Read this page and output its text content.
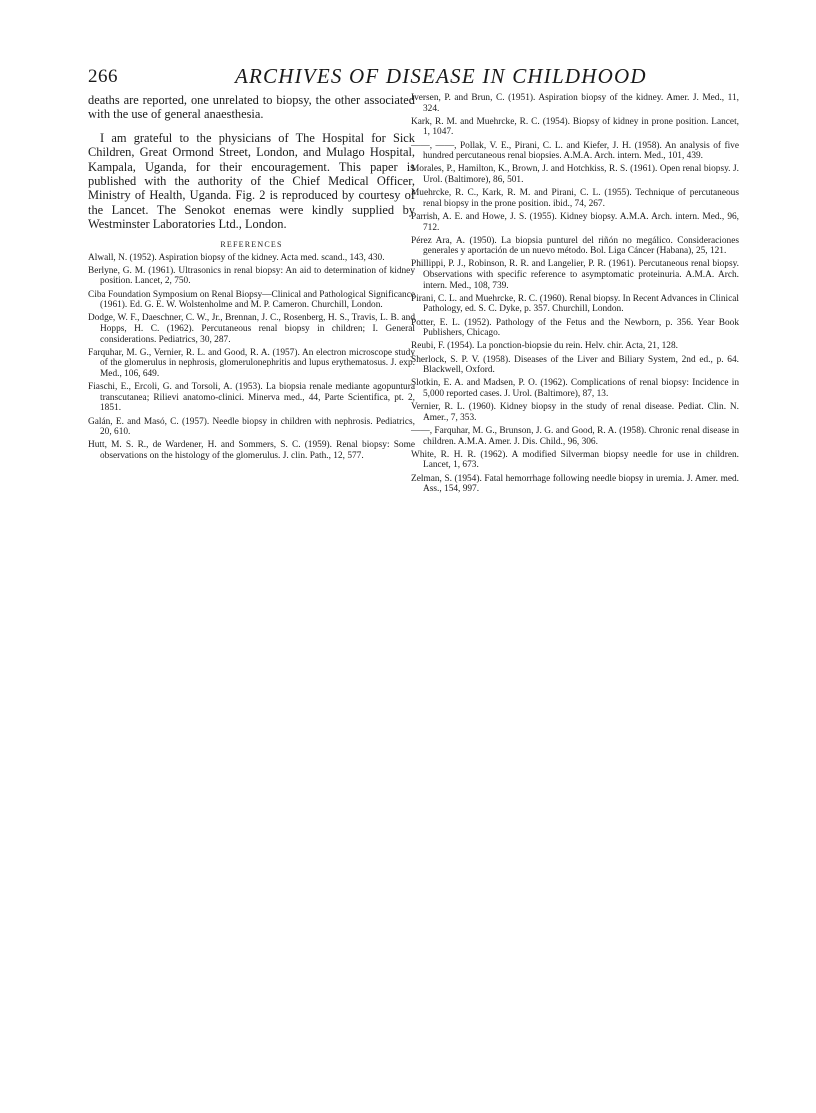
266	ARCHIVES OF DISEASE IN CHILDHOOD

deaths are reported, one unrelated to biopsy, the other associated with the use of general anaesthesia.

I am grateful to the physicians of The Hospital for Sick Children, Great Ormond Street, London, and Mulago Hospital, Kampala, Uganda, for their encouragement. This paper is published with the authority of the Chief Medical Officer, Ministry of Health, Uganda. Fig. 2 is reproduced by courtesy of the Lancet. The Senokot enemas were kindly supplied by Westminster Laboratories Ltd., London.

REFERENCES

Alwall, N. (1952). Aspiration biopsy of the kidney. Acta med. scand., 143, 430.

Berlyne, G. M. (1961). Ultrasonics in renal biopsy: An aid to determination of kidney position. Lancet, 2, 750.

Ciba Foundation Symposium on Renal Biopsy—Clinical and Pathological Significance (1961). Ed. G. E. W. Wolstenholme and M. P. Cameron. Churchill, London.

Dodge, W. F., Daeschner, C. W., Jr., Brennan, J. C., Rosenberg, H. S., Travis, L. B. and Hopps, H. C. (1962). Percutaneous renal biopsy in children; I. General considerations. Pediatrics, 30, 287.

Farquhar, M. G., Vernier, R. L. and Good, R. A. (1957). An electron microscope study of the glomerulus in nephrosis, glomerulonephritis and lupus erythematosus. J. exp. Med., 106, 649.

Fiaschi, E., Ercoli, G. and Torsoli, A. (1953). La biopsia renale mediante agopuntura transcutanea; Rilievi anatomo-clinici. Minerva med., 44, Parte Scientifica, pt. 2, 1851.

Galán, E. and Masó, C. (1957). Needle biopsy in children with nephrosis. Pediatrics, 20, 610.

Hutt, M. S. R., de Wardener, H. and Sommers, S. C. (1959). Renal biopsy: Some observations on the histology of the glomerulus. J. clin. Path., 12, 577.

Iversen, P. and Brun, C. (1951). Aspiration biopsy of the kidney. Amer. J. Med., 11, 324.

Kark, R. M. and Muehrcke, R. C. (1954). Biopsy of kidney in prone position. Lancet, 1, 1047.

——, ——, Pollak, V. E., Pirani, C. L. and Kiefer, J. H. (1958). An analysis of five hundred percutaneous renal biopsies. A.M.A. Arch. intern. Med., 101, 439.

Morales, P., Hamilton, K., Brown, J. and Hotchkiss, R. S. (1961). Open renal biopsy. J. Urol. (Baltimore), 86, 501.

Muehrcke, R. C., Kark, R. M. and Pirani, C. L. (1955). Technique of percutaneous renal biopsy in the prone position. ibid., 74, 267.

Parrish, A. E. and Howe, J. S. (1955). Kidney biopsy. A.M.A. Arch. intern. Med., 96, 712.

Pérez Ara, A. (1950). La biopsia punturel del riñón no megálico. Consideraciones generales y aportación de un nuevo método. Bol. Liga Cáncer (Habana), 25, 121.

Phillippi, P. J., Robinson, R. R. and Langelier, P. R. (1961). Percutaneous renal biopsy. Observations with specific reference to asymptomatic proteinuria. A.M.A. Arch. intern. Med., 108, 739.

Pirani, C. L. and Muehrcke, R. C. (1960). Renal biopsy. In Recent Advances in Clinical Pathology, ed. S. C. Dyke, p. 357. Churchill, London.

Potter, E. L. (1952). Pathology of the Fetus and the Newborn, p. 356. Year Book Publishers, Chicago.

Reubi, F. (1954). La ponction-biopsie du rein. Helv. chir. Acta, 21, 128.

Sherlock, S. P. V. (1958). Diseases of the Liver and Biliary System, 2nd ed., p. 64. Blackwell, Oxford.

Slotkin, E. A. and Madsen, P. O. (1962). Complications of renal biopsy: Incidence in 5,000 reported cases. J. Urol. (Baltimore), 87, 13.

Vernier, R. L. (1960). Kidney biopsy in the study of renal disease. Pediat. Clin. N. Amer., 7, 353.

——, Farquhar, M. G., Brunson, J. G. and Good, R. A. (1958). Chronic renal disease in children. A.M.A. Amer. J. Dis. Child., 96, 306.

White, R. H. R. (1962). A modified Silverman biopsy needle for use in children. Lancet, 1, 673.

Zelman, S. (1954). Fatal hemorrhage following needle biopsy in uremia. J. Amer. med. Ass., 154, 997.
